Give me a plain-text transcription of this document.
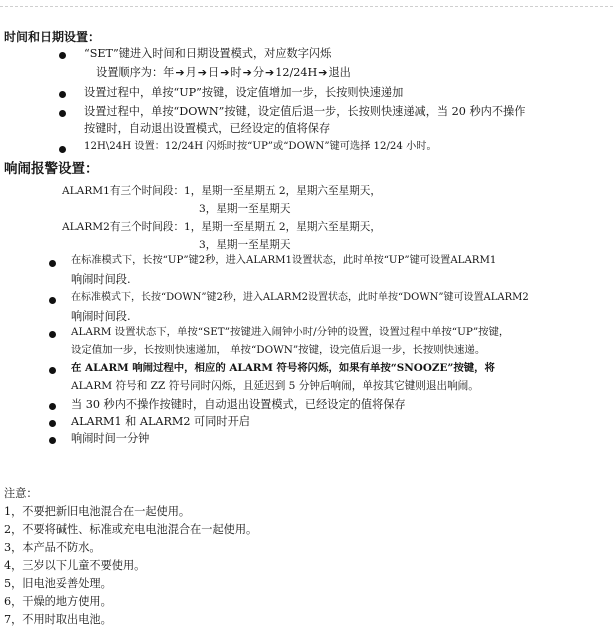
时间和日期设置：
“SET”键进入时间和日期设置模式，对应数字闪烁
设置顺序为：年➔月➔日➔时➔分➔12/24H➔退出
设置过程中，单按“UP”按键，设定值增加一步，长按则快速递加
设置过程中，单按“DOWN”按键，设定值后退一步，长按则快速递减，当 20 秒内不操作
按键时，自动退出设置模式，已经设定的值将保存
12H\24H 设置：12/24H 闪烁时按“UP”或“DOWN”键可选择 12/24 小时。
响闹报警设置：
ALARM1有三个时间段：1，星期一至星期五 2，星期六至星期天，
3，星期一至星期天
ALARM2有三个时间段：1，星期一至星期五 2，星期六至星期天，
3，星期一至星期天
在标准模式下，长按“UP”键2秒，进入ALARM1设置状态，此时单按“UP”键可设置ALARM1
响闹时间段.
在标准模式下，长按“DOWN”键2秒，进入ALARM2设置状态，此时单按“DOWN”键可设置ALARM2
响闹时间段.
ALARM 设置状态下，单按“SET”按键进入闹钟小时/分钟的设置，设置过程中单按“UP”按键，
设定值加一步，长按则快速递加， 单按“DOWN”按键，设完值后退一步，长按则快速递。
在 ALARM 响闹过程中，相应的 ALARM 符号将闪烁，如果有单按“SNOOZE”按键，将
ALARM 符号和 ZZ 符号同时闪烁，且延迟到 5 分钟后响闹，单按其它键则退出响闹。
当 30 秒内不操作按键时，自动退出设置模式，已经设定的值将保存
ALARM1 和 ALARM2 可同时开启
响闹时间一分钟
注意：
1，不要把新旧电池混合在一起使用。
2，不要将碱性、标准或充电电池混合在一起使用。
3，本产品不防水。
4，三岁以下儿童不要使用。
5，旧电池妥善处理。
6，干燥的地方使用。
7，不用时取出电池。
